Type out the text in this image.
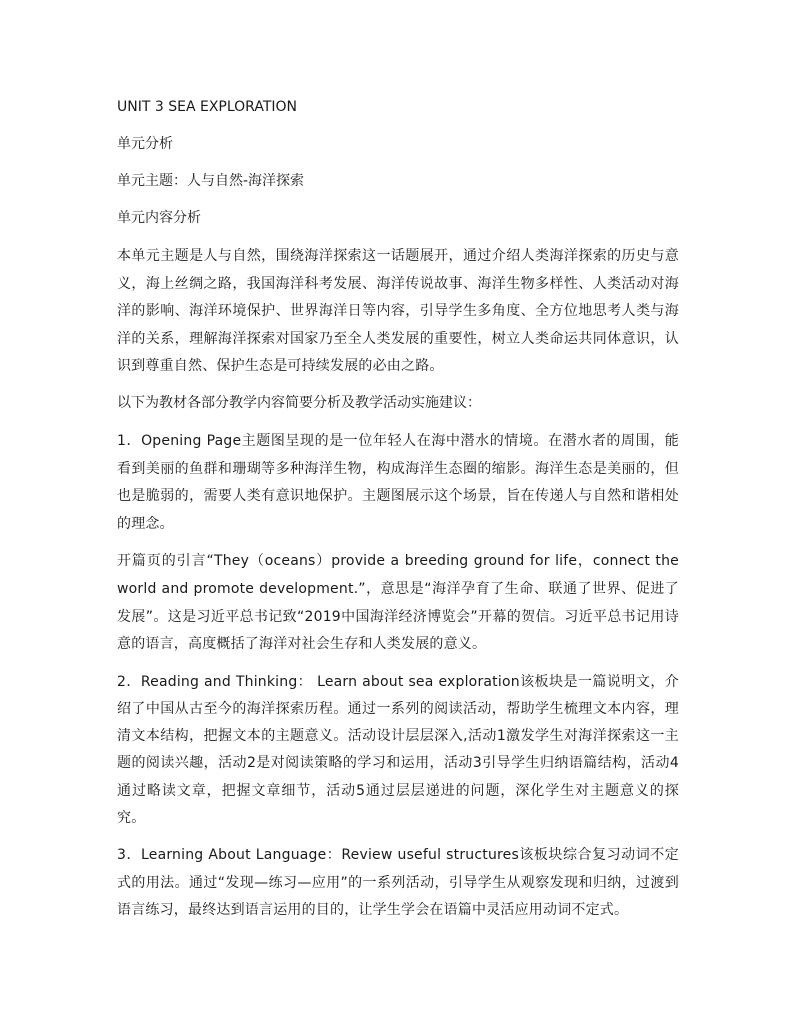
UNIT 3 SEA EXPLORATION

单元分析

单元主题：人与自然-海洋探索

单元内容分析

本单元主题是人与自然，围绕海洋探索这一话题展开，通过介绍人类海洋探索的历史与意义，海上丝绸之路，我国海洋科考发展、海洋传说故事、海洋生物多样性、人类活动对海洋的影响、海洋环境保护、世界海洋日等内容，引导学生多角度、全方位地思考人类与海洋的关系，理解海洋探索对国家乃至全人类发展的重要性，树立人类命运共同体意识，认识到尊重自然、保护生态是可持续发展的必由之路。

以下为教材各部分教学内容简要分析及教学活动实施建议：

1．Opening Page主题图呈现的是一位年轻人在海中潜水的情境。在潜水者的周围，能看到美丽的鱼群和珊瑚等多种海洋生物，构成海洋生态圈的缩影。海洋生态是美丽的，但也是脆弱的，需要人类有意识地保护。主题图展示这个场景，旨在传递人与自然和谐相处的理念。

开篇页的引言“They（oceans）provide a breeding ground for life，connect the world and promote development.”，意思是“海洋孕育了生命、联通了世界、促进了发展”。这是习近平总书记致“2019中国海洋经济博览会”开幕的贺信。习近平总书记用诗意的语言，高度概括了海洋对社会生存和人类发展的意义。

2．Reading and Thinking： Learn about sea exploration该板块是一篇说明文，介绍了中国从古至今的海洋探索历程。通过一系列的阅读活动，帮助学生梳理文本内容，理清文本结构，把握文本的主题意义。活动设计层层深入,活动1激发学生对海洋探索这一主题的阅读兴趣，活动2是对阅读策略的学习和运用，活动3引导学生归纳语篇结构，活动4通过略读文章，把握文章细节，活动5通过层层递进的问题，深化学生对主题意义的探究。

3．Learning About Language：Review useful structures该板块综合复习动词不定式的用法。通过“发现—练习—应用”的一系列活动，引导学生从观察发现和归纳，过渡到语言练习，最终达到语言运用的目的，让学生学会在语篇中灵活应用动词不定式。
